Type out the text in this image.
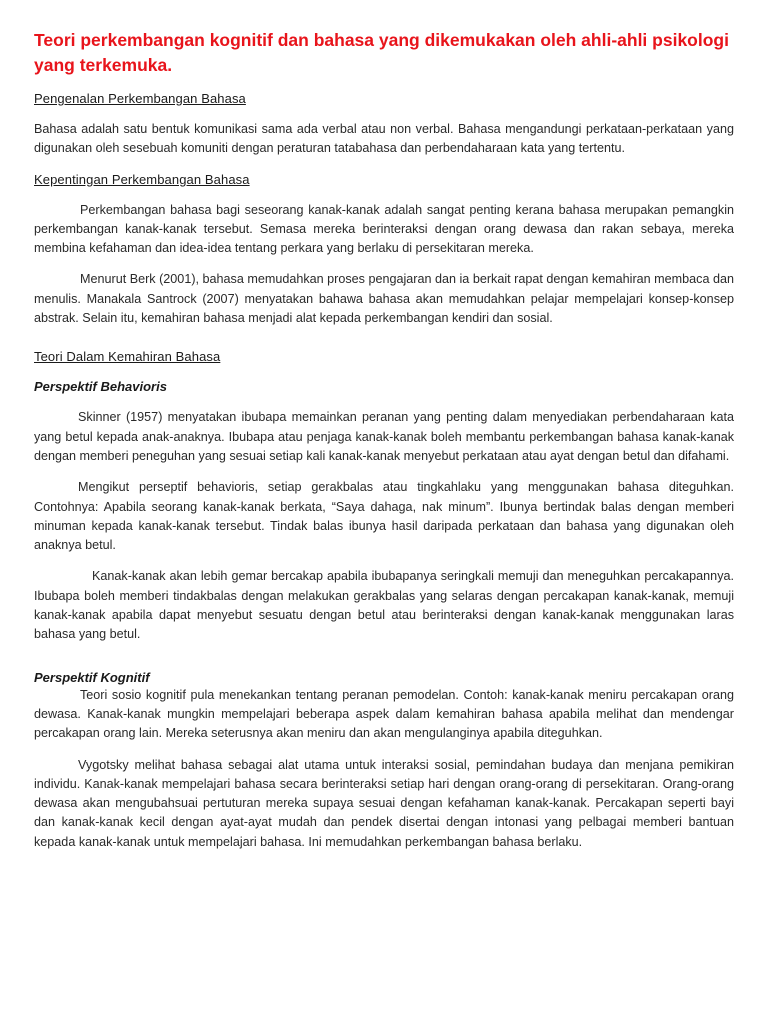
Teori perkembangan kognitif dan bahasa yang dikemukakan oleh ahli-ahli psikologi yang terkemuka.
Pengenalan Perkembangan Bahasa

Bahasa adalah satu bentuk komunikasi sama ada verbal atau non verbal. Bahasa mengandungi perkataan-perkataan yang digunakan oleh sesebuah komuniti dengan peraturan tatabahasa dan perbendaharaan kata yang tertentu.

Kepentingan Perkembangan Bahasa

Perkembangan bahasa bagi seseorang kanak-kanak adalah sangat penting kerana bahasa merupakan pemangkin perkembangan kanak-kanak tersebut. Semasa mereka berinteraksi dengan orang dewasa dan rakan sebaya, mereka membina kefahaman dan idea-idea tentang perkara yang berlaku di persekitaran mereka.

Menurut Berk (2001), bahasa memudahkan proses pengajaran dan ia berkait rapat dengan kemahiran membaca dan menulis. Manakala Santrock (2007) menyatakan bahawa bahasa akan memudahkan pelajar mempelajari konsep-konsep abstrak. Selain itu, kemahiran bahasa menjadi alat kepada perkembangan kendiri dan sosial.

Teori Dalam Kemahiran Bahasa
Perspektif Behavioris

Skinner (1957) menyatakan ibubapa memainkan peranan yang penting dalam menyediakan perbendaharaan kata yang betul kepada anak-anaknya. Ibubapa atau penjaga kanak-kanak boleh membantu perkembangan bahasa kanak-kanak dengan memberi peneguhan yang sesuai setiap kali kanak-kanak menyebut perkataan atau ayat dengan betul dan difahami.

Mengikut perseptif behavioris, setiap gerakbalas atau tingkahlaku yang menggunakan bahasa diteguhkan. Contohnya: Apabila seorang kanak-kanak berkata, “Saya dahaga, nak minum”. Ibunya bertindak balas dengan memberi minuman kepada kanak-kanak tersebut. Tindak balas ibunya hasil daripada perkataan dan bahasa yang digunakan oleh anaknya betul.

Kanak-kanak akan lebih gemar bercakap apabila ibubapanya seringkali memuji dan meneguhkan percakapannya. Ibubapa boleh memberi tindakbalas dengan melakukan gerakbalas yang selaras dengan percakapan kanak-kanak, memuji kanak-kanak apabila dapat menyebut sesuatu dengan betul atau berinteraksi dengan kanak-kanak menggunakan laras bahasa yang betul.

Perspektif Kognitif

Teori sosio kognitif pula menekankan tentang peranan pemodelan. Contoh: kanak-kanak meniru percakapan orang dewasa. Kanak-kanak mungkin mempelajari beberapa aspek dalam kemahiran bahasa apabila melihat dan mendengar percakapan orang lain. Mereka seterusnya akan meniru dan akan mengulanginya apabila diteguhkan.

Vygotsky melihat bahasa sebagai alat utama untuk interaksi sosial, pemindahan budaya dan menjana pemikiran individu. Kanak-kanak mempelajari bahasa secara berinteraksi setiap hari dengan orang-orang di persekitaran. Orang-orang dewasa akan mengubahsuai pertuturan mereka supaya sesuai dengan kefahaman kanak-kanak. Percakapan seperti bayi dan kanak-kanak kecil dengan ayat-ayat mudah dan pendek disertai dengan intonasi yang pelbagai memberi bantuan kepada kanak-kanak untuk mempelajari bahasa. Ini memudahkan perkembangan bahasa berlaku.
